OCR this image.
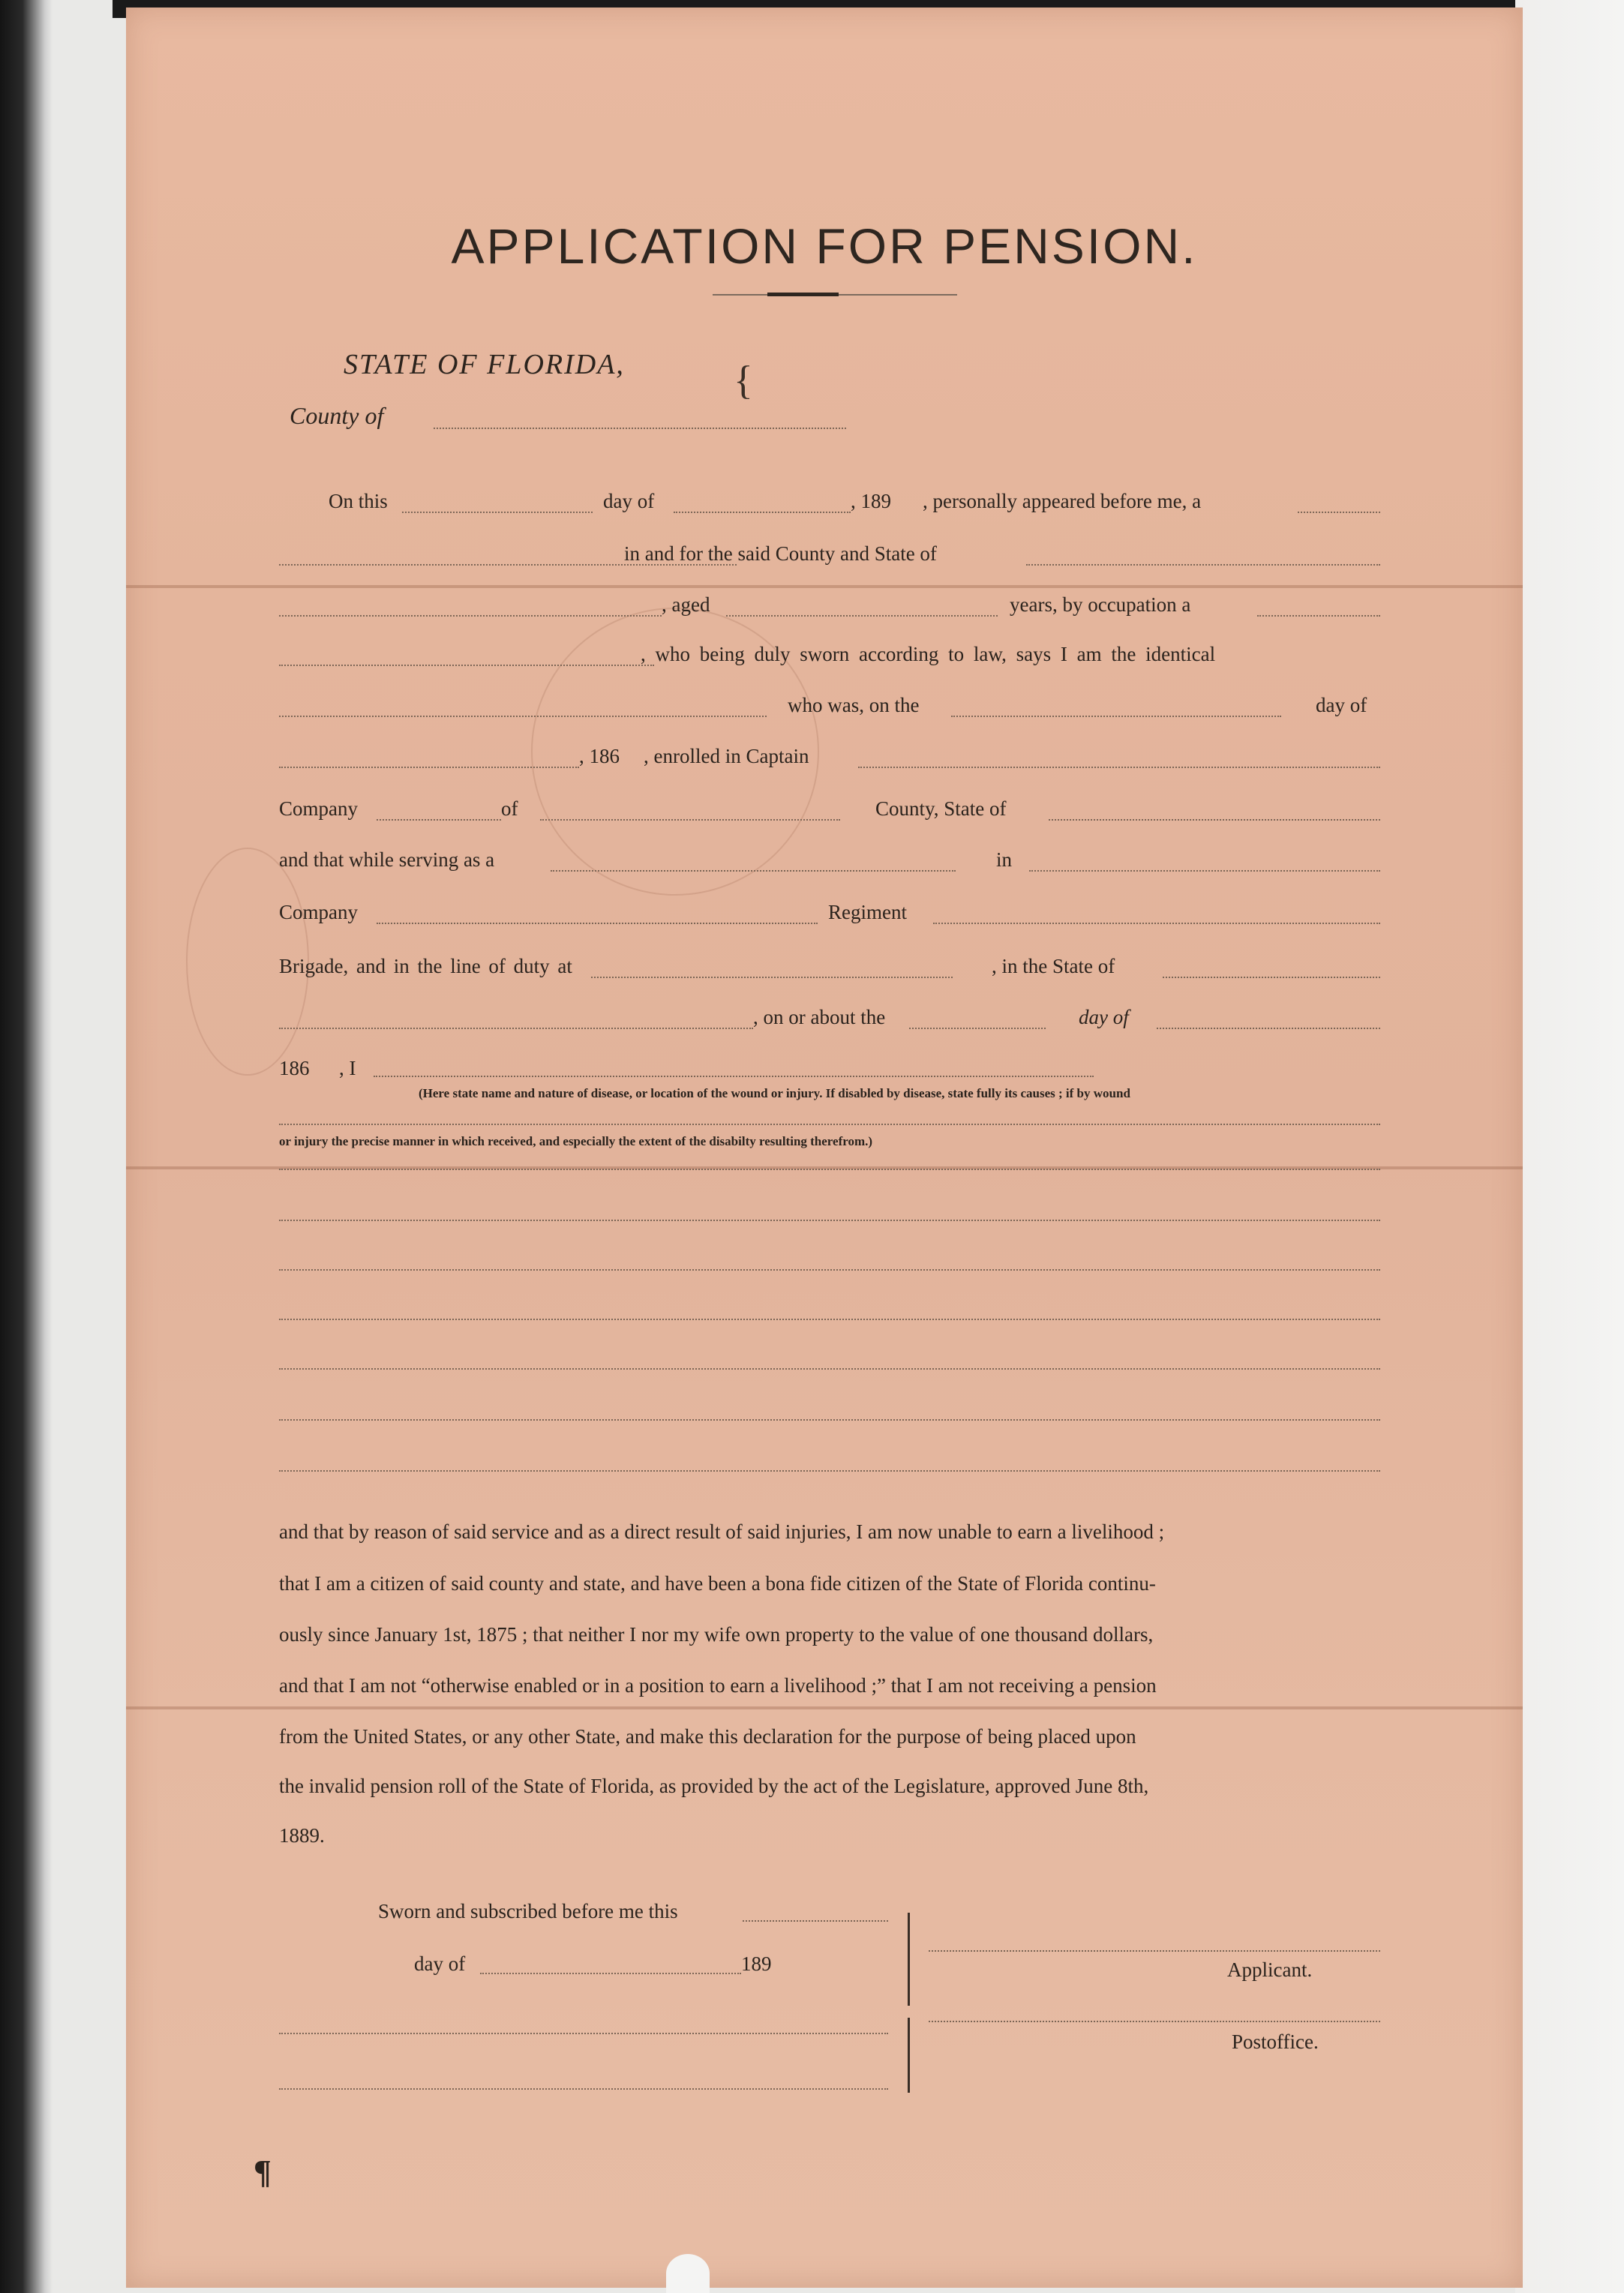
APPLICATION FOR PENSION.
STATE OF FLORIDA,
County of
{
On this	day of	, 189 , personally appeared before me, a
in and for the said County and State of
, aged	years, by occupation a
, who being duly sworn according to law, says I am the identical
who was, on the	day of
, 186 , enrolled in Captain
Company	of	County, State of
and that while serving as a	in
Company	Regiment
Brigade, and in the line of duty at	, in the State of
, on or about the	day of
186 , I
(Here state name and nature of disease, or location of the wound or injury. If disabled by disease, state fully its causes ; if by wound
or injury the precise manner in which received, and especially the extent of the disabilty resulting therefrom.)
and that by reason of said service and as a direct result of said injuries, I am now unable to earn a livelihood ;
that I am a citizen of said county and state, and have been a bona fide citizen of the State of Florida continu-
ously since January 1st, 1875 ; that neither I nor my wife own property to the value of one thousand dollars,
and that I am not “otherwise enabled or in a position to earn a livelihood ;” that I am not receiving a pension
from the United States, or any other State, and make this declaration for the purpose of being placed upon
the invalid pension roll of the State of Florida, as provided by the act of the Legislature, approved June 8th,
1889.
Sworn and subscribed before me this
day of	189	Applicant.
Postoffice.
¶
